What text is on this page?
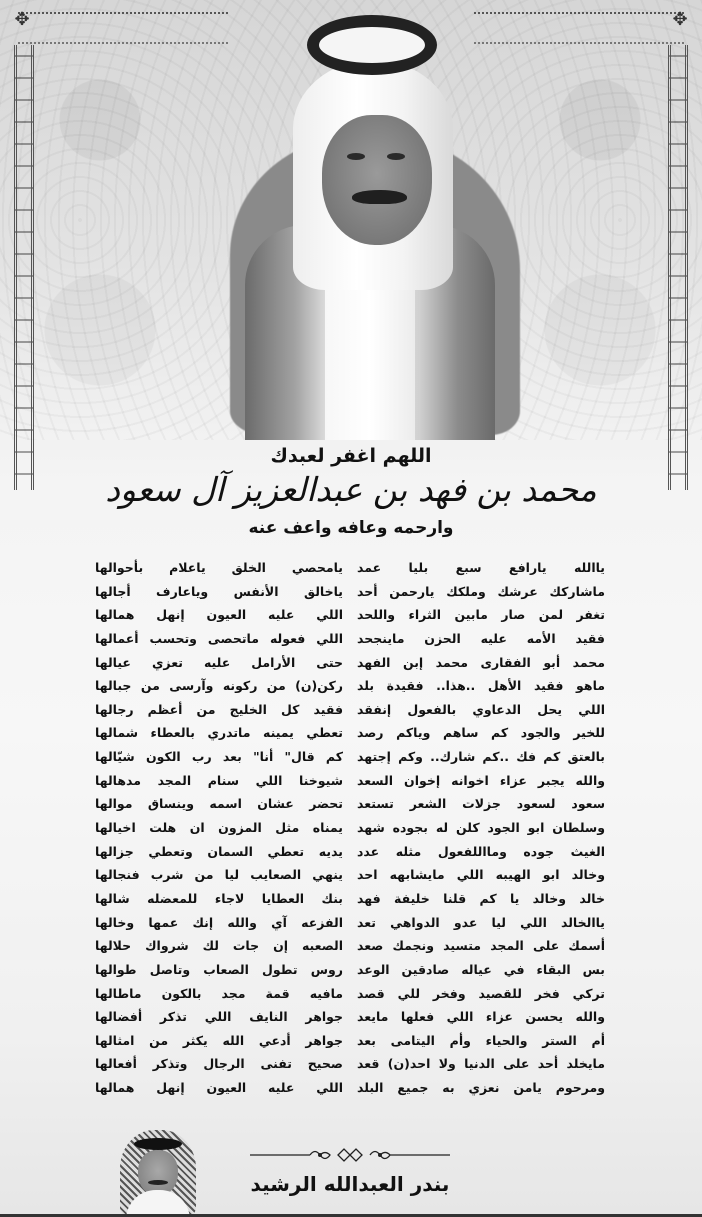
✥	✥
اللهم اغفر لعبدك
محمد بن فهد بن عبدالعزيز آل سعود
وارحمه وعافه واعف عنه
ياالله يارافع سبع بليا عمد
ماشاركك عرشك وملكك يارحمن أحد
تغفر لمن صار مابين الثراء واللحد
فقيد الأمه عليه الحزن ماينجحد
محمد أبو الفقارى محمد إبن الفهد
ماهو فقيد الأهل ..هذا.. فقيدة بلد
اللي يحل الدعاوي بالفعول إنفقد
للخير والجود كم ساهم وياكم رصد
بالعتق كم فك ..كم شارك.. وكم إجتهد
والله يجبر عزاء اخوانه إخوان السعد
سعود لسعود جزلات الشعر تستعد
وسلطان ابو الجود كلن له بجوده شهد
الغيث جوده ومااللفعول مثله عدد
وخالد ابو الهيبه اللي مايشابهه احد
خالد وخالد يا كم قلنا خليفة فهد
ياالخالد اللي ليا عدو الدواهي تعد
أسمك على المجد متسيد ونجمك صعد
بس البقاء في عياله صادقين الوعد
تركي فخر للقصيد وفخر للي قصد
والله يحسن عزاء اللي فعلها مايعد
أم الستر والحياء وأم اليتامى بعد
مايخلد أحد على الدنيا ولا احد(ن) قعد
ومرحوم يامن نعزي به جميع البلد
يامحصي الخلق ياعلام بأحوالها
ياخالق الأنفس وياعارف أجالها
اللي عليه العيون إنهل همالها
اللي فعوله ماتحصى وتحسب أعمالها
حتى الأرامل عليه تعزي عيالها
ركن(ن) من ركونه وآرسى من جبالها
فقيد كل الخليج من أعظم رجالها
تعطي يمينه ماتدري بالعطاء شمالها
كم قال" أنا" بعد رب الكون شيّالها
شيوخنا اللي سنام المجد مدهالها
تحضر عشان اسمه وينساق موالها
يمناه مثل المزون ان هلت اخيالها
يديه تعطي السمان وتعطي جزالها
ينهي الصعايب ليا من شرب فنجالها
بنك العطايا لاجاء للمعضله شالها
الفزعه آي والله إنك عمها وخالها
الصعبه إن جات لك شرواك حلالها
روس تطول الصعاب وتاصل طوالها
مافيه قمة مجد بالكون ماطالها
جواهر النايف اللي تذكر أفضالها
جواهر أدعي الله يكثر من امثالها
صحيح تفنى الرجال وتذكر أفعالها
اللي عليه العيون إنهل همالها
بندر العبدالله الرشيد
